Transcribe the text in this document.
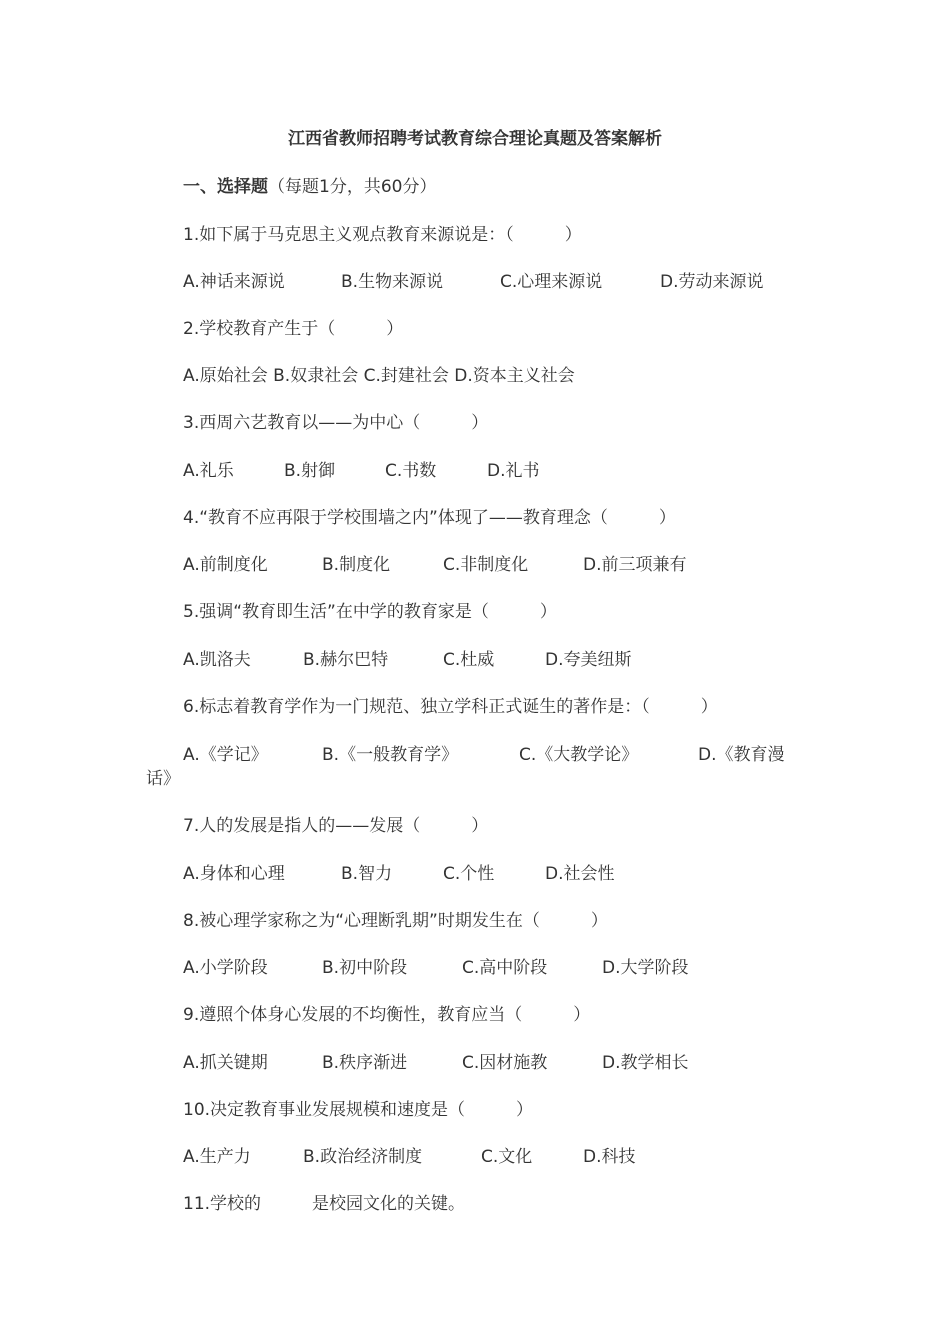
江西省教师招聘考试教育综合理论真题及答案解析
一、选择题（每题1分，共60分）
1.如下属于马克思主义观点教育来源说是：（　　　）
A.神话来源说	B.生物来源说	C.心理来源说	D.劳动来源说
2.学校教育产生于（　　　）
A.原始社会 B.奴隶社会 C.封建社会 D.资本主义社会
3.西周六艺教育以——为中心（　　　）
A.礼乐	B.射御	C.书数	D.礼书
4.“教育不应再限于学校围墙之内”体现了——教育理念（　　　）
A.前制度化	B.制度化	C.非制度化	D.前三项兼有
5.强调“教育即生活”在中学的教育家是（　　　）
A.凯洛夫	B.赫尔巴特	C.杜威	D.夸美纽斯
6.标志着教育学作为一门规范、独立学科正式诞生的著作是：（　　　）
A.《学记》	B.《一般教育学》	C.《大教学论》	D.《教育漫
话》
7.人的发展是指人的——发展（　　　）
A.身体和心理	B.智力	C.个性	D.社会性
8.被心理学家称之为“心理断乳期”时期发生在（　　　）
A.小学阶段	B.初中阶段	C.高中阶段	D.大学阶段
9.遵照个体身心发展的不均衡性，教育应当（　　　）
A.抓关键期	B.秩序渐进	C.因材施教	D.教学相长
10.决定教育事业发展规模和速度是（　　　）
A.生产力	B.政治经济制度	C.文化	D.科技
11.学校的　　　是校园文化的关键。
